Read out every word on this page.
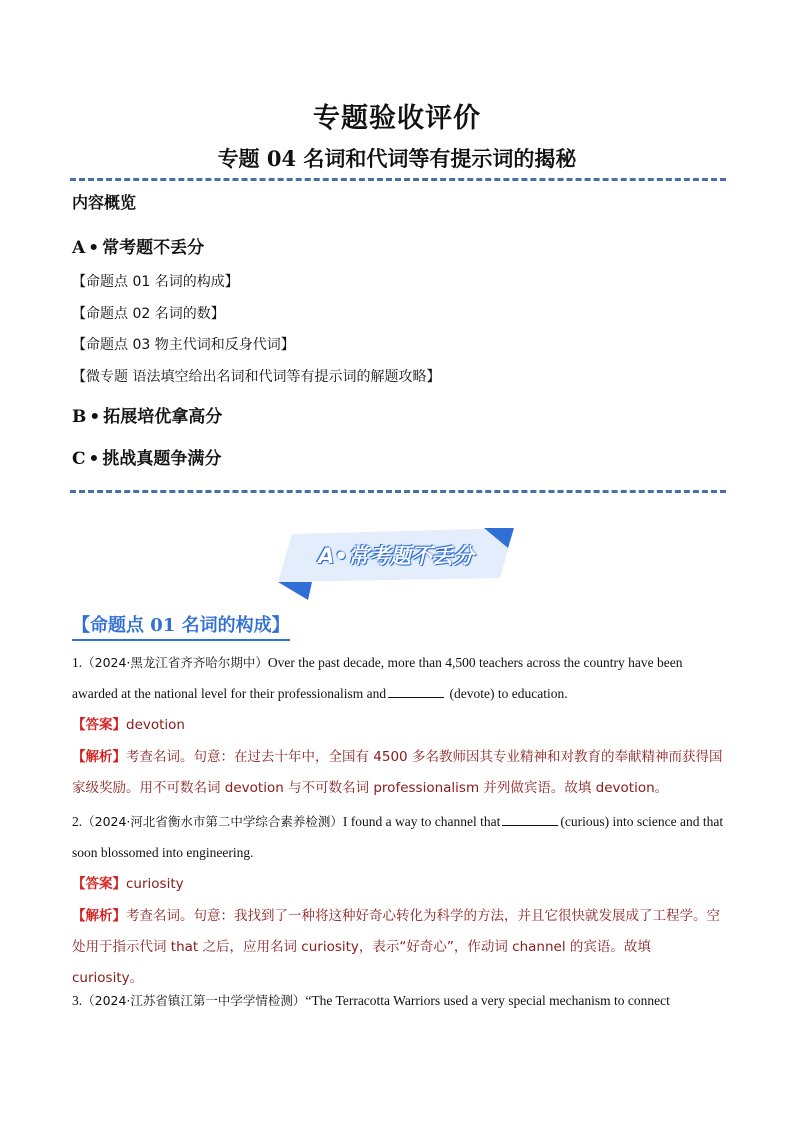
专题验收评价
专题 04 名词和代词等有提示词的揭秘
内容概览
A • 常考题不丢分
【命题点 01 名词的构成】
【命题点 02 名词的数】
【命题点 03 物主代词和反身代词】
【微专题 语法填空给出名词和代词等有提示词的解题攻略】
B • 拓展培优拿高分
C • 挑战真题争满分
A•常考题不丢分
【命题点 01 名词的构成】
1.（2024·黑龙江省齐齐哈尔期中）Over the past decade, more than 4,500 teachers across the country have been awarded at the national level for their professionalism and	(devote) to education.
【答案】devotion
【解析】考查名词。句意：在过去十年中，全国有 4500 多名教师因其专业精神和对教育的奉献精神而获得国家级奖励。用不可数名词 devotion 与不可数名词 professionalism 并列做宾语。故填 devotion。
2.（2024·河北省衡水市第二中学综合素养检测）I found a way to channel that	(curious) into science and that soon blossomed into engineering.
【答案】curiosity
【解析】考查名词。句意：我找到了一种将这种好奇心转化为科学的方法，并且它很快就发展成了工程学。空处用于指示代词 that 之后，应用名词 curiosity，表示“好奇心”，作动词 channel 的宾语。故填 curiosity。
3.（2024·江苏省镇江第一中学学情检测）“The Terracotta Warriors used a very special mechanism to connect
